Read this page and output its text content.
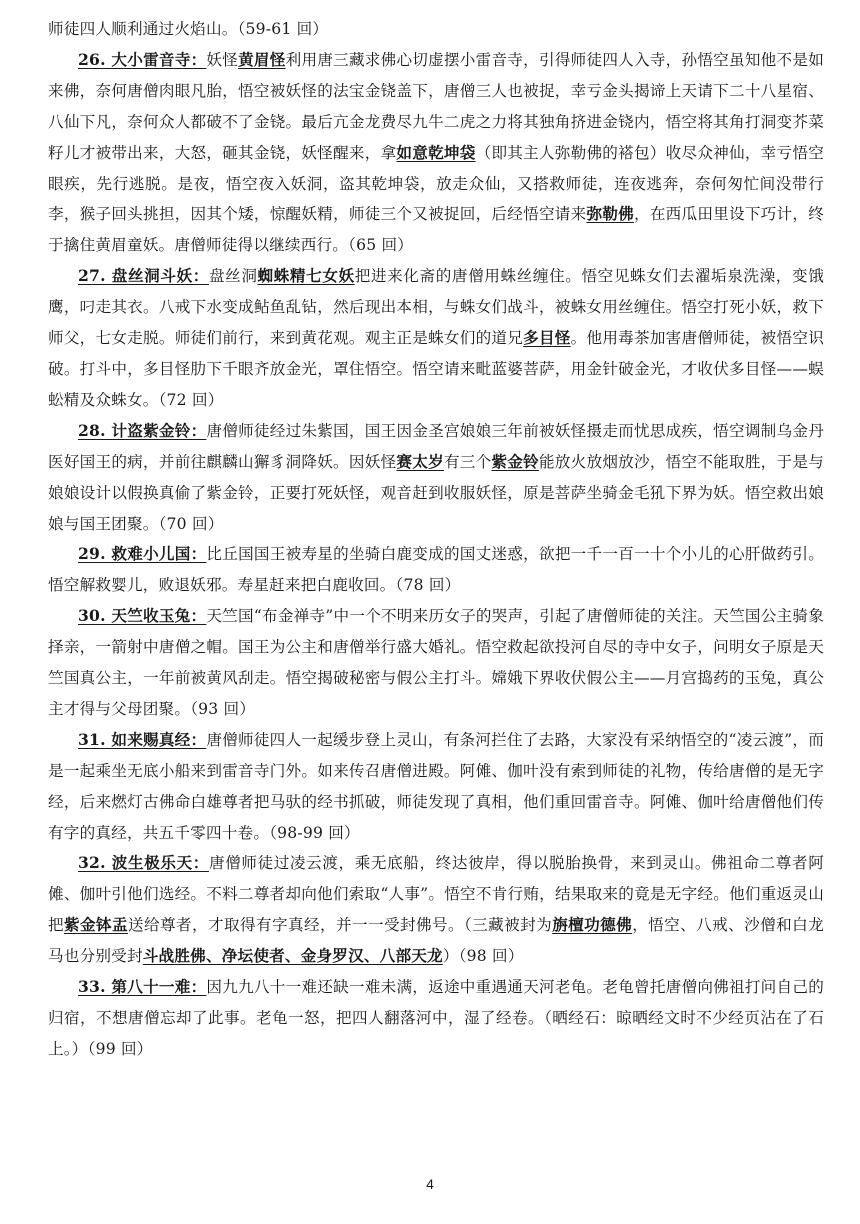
师徒四人顺利通过火焰山。（59-61 回）

26. 大小雷音寺：妖怪黄眉怪利用唐三藏求佛心切虚摆小雷音寺，引得师徒四人入寺，孙悟空虽知他不是如来佛，奈何唐僧肉眼凡胎，悟空被妖怪的法宝金铙盖下，唐僧三人也被捉，幸亏金头揭谛上天请下二十八星宿、八仙下凡，奈何众人都破不了金铙。最后亢金龙费尽九牛二虎之力将其独角挤进金铙内，悟空将其角打洞变芥菜籽儿才被带出来，大怒，砸其金铙，妖怪醒来，拿如意乾坤袋（即其主人弥勒佛的褡包）收尽众神仙，幸亏悟空眼疾，先行逃脱。是夜，悟空夜入妖洞，盗其乾坤袋，放走众仙，又搭救师徒，连夜逃奔，奈何匆忙间没带行李，猴子回头挑担，因其个矮，惊醒妖精，师徒三个又被捉回，后经悟空请来弥勒佛，在西瓜田里设下巧计，终于擒住黄眉童妖。唐僧师徒得以继续西行。（65 回）

27. 盘丝洞斗妖：盘丝洞蜘蛛精七女妖把进来化斋的唐僧用蛛丝缠住。悟空见蛛女们去濯垢泉洗澡，变饿鹰，叼走其衣。八戒下水变成鲇鱼乱钻，然后现出本相，与蛛女们战斗，被蛛女用丝缠住。悟空打死小妖，救下师父，七女走脱。师徒们前行，来到黄花观。观主正是蛛女们的道兄多目怪。他用毒茶加害唐僧师徒，被悟空识破。打斗中，多目怪肋下千眼齐放金光，罩住悟空。悟空请来毗蓝婆菩萨，用金针破金光，才收伏多目怪——蜈蚣精及众蛛女。（72 回）

28. 计盗紫金铃：唐僧师徒经过朱紫国，国王因金圣宫娘娘三年前被妖怪摄走而忧思成疾，悟空调制乌金丹医好国王的病，并前往麒麟山獬豸洞降妖。因妖怪赛太岁有三个紫金铃能放火放烟放沙，悟空不能取胜，于是与娘娘设计以假换真偷了紫金铃，正要打死妖怪，观音赶到收服妖怪，原是菩萨坐骑金毛犼下界为妖。悟空救出娘娘与国王团聚。（70 回）

29. 救难小儿国：比丘国国王被寿星的坐骑白鹿变成的国丈迷惑，欲把一千一百一十个小儿的心肝做药引。悟空解救婴儿，败退妖邪。寿星赶来把白鹿收回。（78 回）

30. 天竺收玉兔：天竺国“布金禅寺”中一个不明来历女子的哭声，引起了唐僧师徒的关注。天竺国公主骑象择亲，一箭射中唐僧之帽。国王为公主和唐僧举行盛大婚礼。悟空救起欲投河自尽的寺中女子，问明女子原是天竺国真公主，一年前被黄风刮走。悟空揭破秘密与假公主打斗。嫦娥下界收伏假公主——月宫捣药的玉兔，真公主才得与父母团聚。（93 回）

31. 如来赐真经：唐僧师徒四人一起缓步登上灵山，有条河拦住了去路，大家没有采纳悟空的“凌云渡”，而是一起乘坐无底小船来到雷音寺门外。如来传召唐僧进殿。阿傩、伽叶没有索到师徒的礼物，传给唐僧的是无字经，后来燃灯古佛命白雄尊者把马驮的经书抓破，师徒发现了真相，他们重回雷音寺。阿傩、伽叶给唐僧他们传有字的真经，共五千零四十卷。（98-99 回）

32. 波生极乐天：唐僧师徒过凌云渡，乘无底船，终达彼岸，得以脱胎换骨，来到灵山。佛祖命二尊者阿傩、伽叶引他们选经。不料二尊者却向他们索取“人事”。悟空不肯行贿，结果取来的竟是无字经。他们重返灵山把紫金钵盂送给尊者，才取得有字真经，并一一受封佛号。（三藏被封为旃檀功德佛，悟空、八戒、沙僧和白龙马也分别受封斗战胜佛、净坛使者、金身罗汉、八部天龙）（98 回）

33. 第八十一难：因九九八十一难还缺一难未满，返途中重遇通天河老龟。老龟曾托唐僧向佛祖打问自己的归宿，不想唐僧忘却了此事。老龟一怒，把四人翻落河中，湿了经卷。（晒经石：晾晒经文时不少经页沾在了石上。）（99 回）

4
